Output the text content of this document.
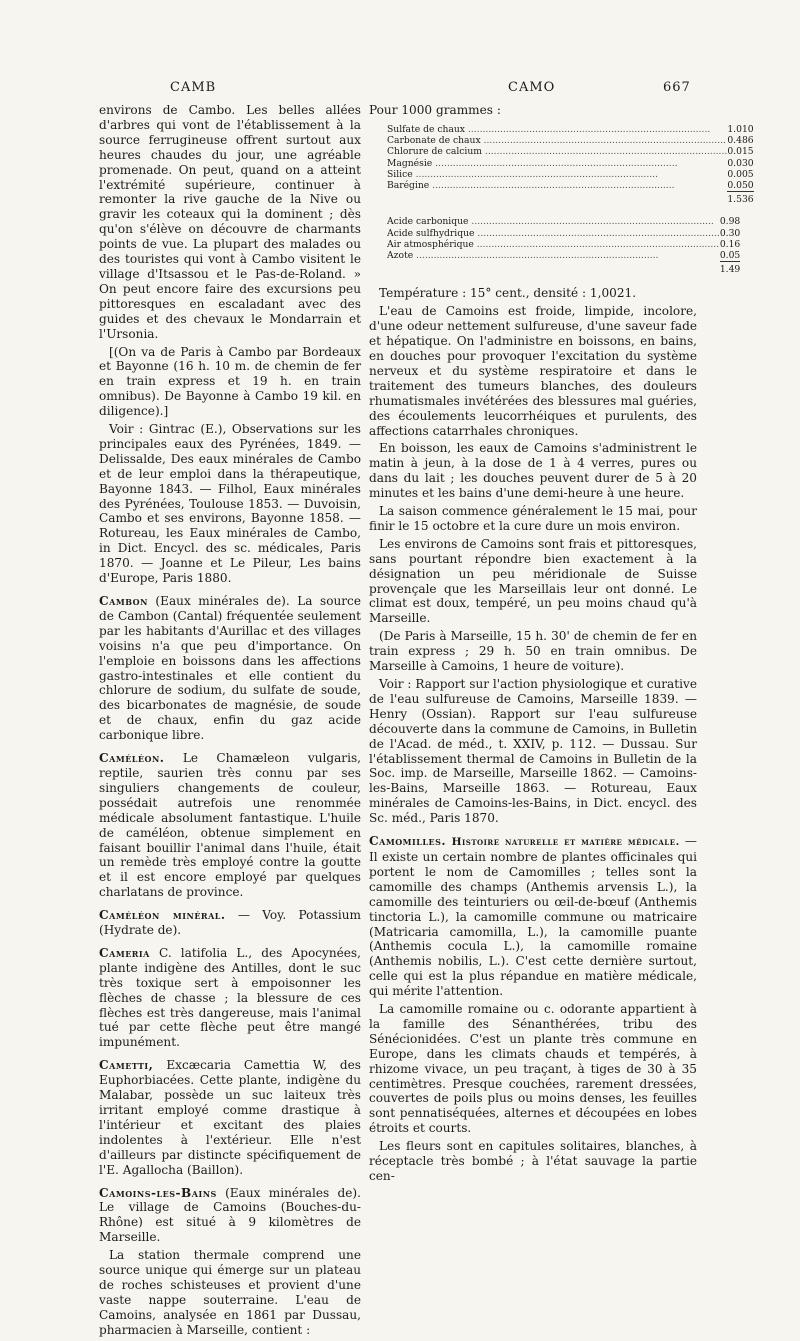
CAMB	CAMO	667

environs de Cambo. Les belles allées d'arbres qui vont de l'établissement à la source ferrugineuse offrent surtout aux heures chaudes du jour, une agréable promenade. On peut, quand on a atteint l'extrémité supérieure, continuer à remonter la rive gauche de la Nive ou gravir les coteaux qui la dominent ; dès qu'on s'élève on découvre de charmants points de vue. La plupart des malades ou des touristes qui vont à Cambo visitent le village d'Itsassou et le Pas-de-Roland. » On peut encore faire des excursions peu pittoresques en escaladant avec des guides et des chevaux le Mondarrain et l'Ursonia.

[(On va de Paris à Cambo par Bordeaux et Bayonne (16 h. 10 m. de chemin de fer en train express et 19 h. en train omnibus). De Bayonne à Cambo 19 kil. en diligence).]

Voir : Gintrac (E.), Observations sur les principales eaux des Pyrénées, 1849. — Delissalde, Des eaux minérales de Cambo et de leur emploi dans la thérapeutique, Bayonne 1843. — Filhol, Eaux minérales des Pyrénées, Toulouse 1853. — Duvoisin, Cambo et ses environs, Bayonne 1858. — Rotureau, les Eaux minérales de Cambo, in Dict. Encycl. des sc. médicales, Paris 1870. — Joanne et Le Pileur, Les bains d'Europe, Paris 1880.

Cambon (Eaux minérales de). La source de Cambon (Cantal) fréquentée seulement par les habitants d'Aurillac et des villages voisins n'a que peu d'importance. On l'emploie en boissons dans les affections gastro-intestinales et elle contient du chlorure de sodium, du sulfate de soude, des bicarbonates de magnésie, de soude et de chaux, enfin du gaz acide carbonique libre.

Caméléon. Le Chamæleon vulgaris, reptile, saurien très connu par ses singuliers changements de couleur, possédait autrefois une renommée médicale absolument fantastique. L'huile de caméléon, obtenue simplement en faisant bouillir l'animal dans l'huile, était un remède très employé contre la goutte et il est encore employé par quelques charlatans de province.

Caméléon minéral. — Voy. Potassium (Hydrate de).

Cameria C. latifolia L., des Apocynées, plante indigène des Antilles, dont le suc très toxique sert à empoisonner les flèches de chasse ; la blessure de ces flèches est très dangereuse, mais l'animal tué par cette flèche peut être mangé impunément.

Cametti, Excæcaria Camettia W, des Euphorbiacées. Cette plante, indigène du Malabar, possède un suc laiteux très irritant employé comme drastique à l'intérieur et excitant des plaies indolentes à l'extérieur. Elle n'est d'ailleurs par distincte spécifiquement de l'E. Agallocha (Baillon).

Camoins-les-Bains (Eaux minérales de). Le village de Camoins (Bouches-du-Rhône) est situé à 9 kilomètres de Marseille.

La station thermale comprend une source unique qui émerge sur un plateau de roches schisteuses et provient d'une vaste nappe souterraine. L'eau de Camoins, analysée en 1861 par Dussau, pharmacien à Marseille, contient :

Pour 1000 grammes :

Sulfate de chaux .....	1.010
Carbonate de chaux .....	0.486
Chlorure de calcium .....	0.015
Magnésie .....	0.030
Silice .....	0.005
Barégine .....	0.050
	1.536
Acide carbonique .....	0.98
Acide sulfhydrique .....	0.30
Air atmosphérique .....	0.16
Azote .....	0.05
	1.49

Température : 15° cent., densité : 1,0021.

L'eau de Camoins est froide, limpide, incolore, d'une odeur nettement sulfureuse, d'une saveur fade et hépatique. On l'administre en boissons, en bains, en douches pour provoquer l'excitation du système nerveux et du système respiratoire et dans le traitement des tumeurs blanches, des douleurs rhumatismales invétérées des blessures mal guéries, des écoulements leucorrhéiques et purulents, des affections catarrhales chroniques.

En boisson, les eaux de Camoins s'administrent le matin à jeun, à la dose de 1 à 4 verres, pures ou dans du lait ; les douches peuvent durer de 5 à 20 minutes et les bains d'une demi-heure à une heure.

La saison commence généralement le 15 mai, pour finir le 15 octobre et la cure dure un mois environ.

Les environs de Camoins sont frais et pittoresques, sans pourtant répondre bien exactement à la désignation un peu méridionale de Suisse provençale que les Marseillais leur ont donné. Le climat est doux, tempéré, un peu moins chaud qu'à Marseille.

(De Paris à Marseille, 15 h. 30' de chemin de fer en train express ; 29 h. 50 en train omnibus. De Marseille à Camoins, 1 heure de voiture).

Voir : Rapport sur l'action physiologique et curative de l'eau sulfureuse de Camoins, Marseille 1839. — Henry (Ossian). Rapport sur l'eau sulfureuse découverte dans la commune de Camoins, in Bulletin de l'Acad. de méd., t. XXIV, p. 112. — Dussau. Sur l'établissement thermal de Camoins in Bulletin de la Soc. imp. de Marseille, Marseille 1862. — Camoins-les-Bains, Marseille 1863. — Rotureau, Eaux minérales de Camoins-les-Bains, in Dict. encycl. des Sc. méd., Paris 1870.

Camomilles. Histoire naturelle et matière médicale. — Il existe un certain nombre de plantes officinales qui portent le nom de Camomilles ; telles sont la camomille des champs (Anthemis arvensis L.), la camomille des teinturiers ou œil-de-bœuf (Anthemis tinctoria L.), la camomille commune ou matricaire (Matricaria camomilla, L.), la camomille puante (Anthemis cocula L.), la camomille romaine (Anthemis nobilis, L.). C'est cette dernière surtout, celle qui est la plus répandue en matière médicale, qui mérite l'attention.

La camomille romaine ou c. odorante appartient à la famille des Sénanthérées, tribu des Sénécionidées. C'est un plante très commune en Europe, dans les climats chauds et tempérés, à rhizome vivace, un peu traçant, à tiges de 30 à 35 centimètres. Presque couchées, rarement dressées, couvertes de poils plus ou moins denses, les feuilles sont pennatiséquées, alternes et découpées en lobes étroits et courts.

Les fleurs sont en capitules solitaires, blanches, à réceptacle très bombé ; à l'état sauvage la partie cen-
